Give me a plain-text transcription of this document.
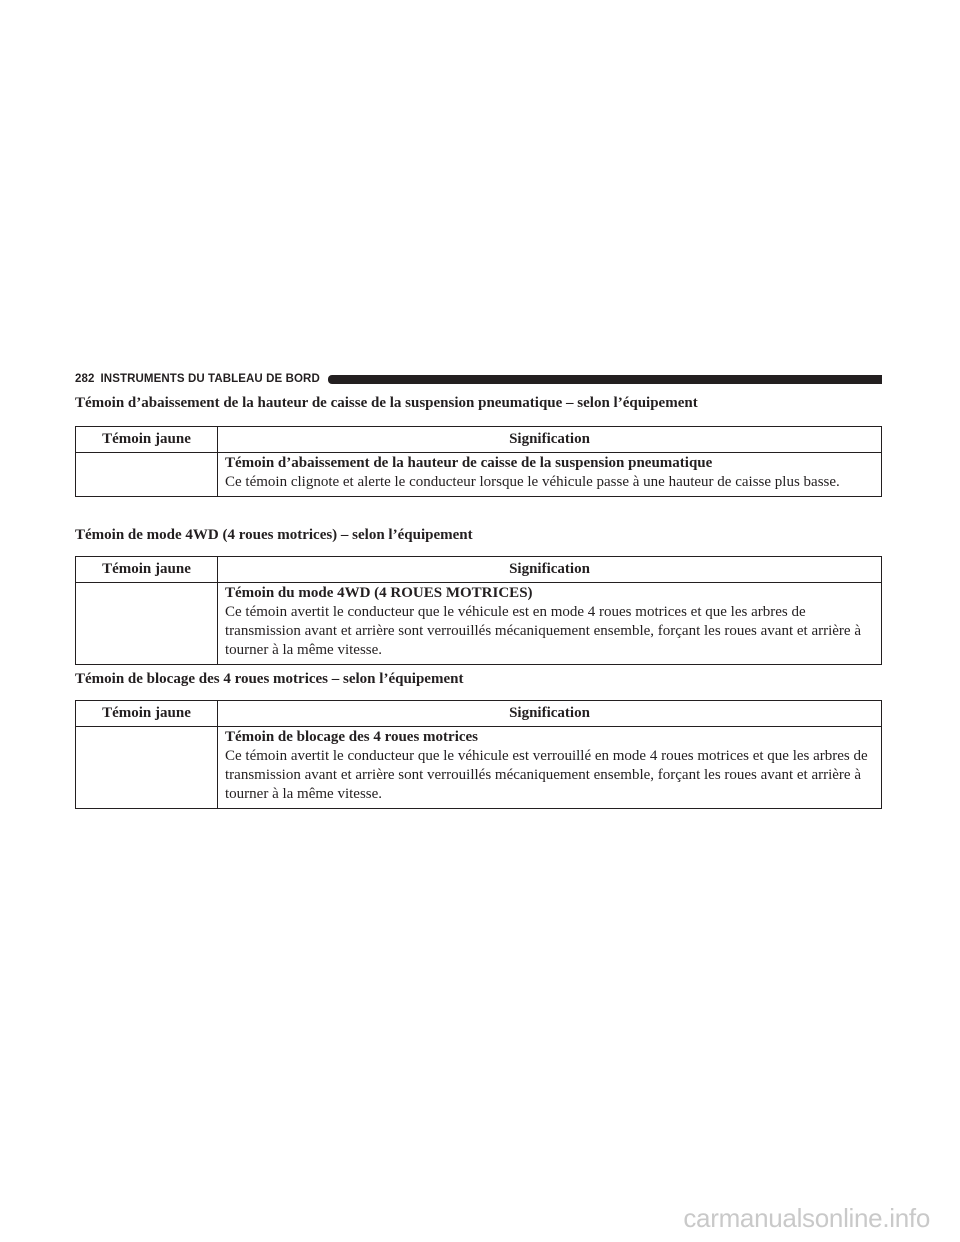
282 INSTRUMENTS DU TABLEAU DE BORD

Témoin d’abaissement de la hauteur de caisse de la suspension pneumatique – selon l’équipement

Témoin jaune	Signification

	Témoin d’abaissement de la hauteur de caisse de la suspension pneumatique
Ce témoin clignote et alerte le conducteur lorsque le véhicule passe à une hauteur de caisse plus basse.

Témoin de mode 4WD (4 roues motrices) – selon l’équipement

Témoin jaune	Signification

	Témoin du mode 4WD (4 ROUES MOTRICES)
Ce témoin avertit le conducteur que le véhicule est en mode 4 roues motrices et que les arbres de transmission avant et arrière sont verrouillés mécaniquement ensemble, forçant les roues avant et arrière à tourner à la même vitesse.

Témoin de blocage des 4 roues motrices – selon l’équipement

Témoin jaune	Signification

	Témoin de blocage des 4 roues motrices
Ce témoin avertit le conducteur que le véhicule est verrouillé en mode 4 roues motrices et que les arbres de transmission avant et arrière sont verrouillés mécaniquement ensemble, forçant les roues avant et arrière à tourner à la même vitesse.
carmanualsonline.info
